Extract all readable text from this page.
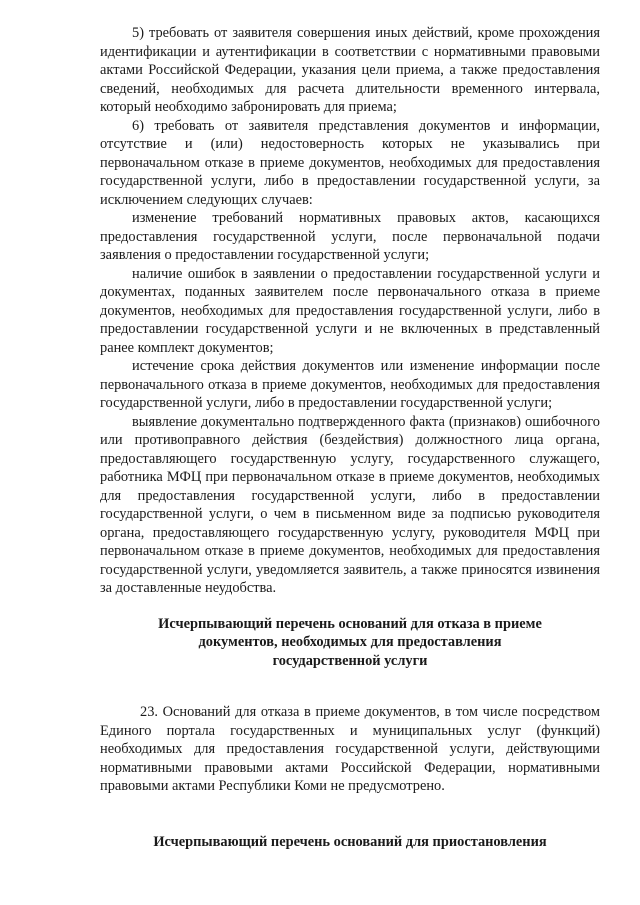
5) требовать от заявителя совершения иных действий, кроме прохождения идентификации и аутентификации в соответствии с нормативными правовыми актами Российской Федерации, указания цели приема, а также предоставления сведений, необходимых для расчета длительности временного интервала, который необходимо забронировать для приема;

6) требовать от заявителя представления документов и информации, отсутствие и (или) недостоверность которых не указывались при первоначальном отказе в приеме документов, необходимых для предоставления государственной услуги, либо в предоставлении государственной услуги, за исключением следующих случаев:

изменение требований нормативных правовых актов, касающихся предоставления государственной услуги, после первоначальной подачи заявления о предоставлении государственной услуги;

наличие ошибок в заявлении о предоставлении государственной услуги и документах, поданных заявителем после первоначального отказа в приеме документов, необходимых для предоставления государственной услуги, либо в предоставлении государственной услуги и не включенных в представленный ранее комплект документов;

истечение срока действия документов или изменение информации после первоначального отказа в приеме документов, необходимых для предоставления государственной услуги, либо в предоставлении государственной услуги;

выявление документально подтвержденного факта (признаков) ошибочного или противоправного действия (бездействия) должностного лица органа, предоставляющего государственную услугу, государственного служащего, работника МФЦ при первоначальном отказе в приеме документов, необходимых для предоставления государственной услуги, либо в предоставлении государственной услуги, о чем в письменном виде за подписью руководителя органа, предоставляющего государственную услугу, руководителя МФЦ при первоначальном отказе в приеме документов, необходимых для предоставления государственной услуги, уведомляется заявитель, а также приносятся извинения за доставленные неудобства.

Исчерпывающий перечень оснований для отказа в приеме
документов, необходимых для предоставления
государственной услуги

23. Оснований для отказа в приеме документов, в том числе посредством Единого портала государственных и муниципальных услуг (функций) необходимых для предоставления государственной услуги, действующими нормативными правовыми актами Российской Федерации, нормативными правовыми актами Республики Коми не предусмотрено.

Исчерпывающий перечень оснований для приостановления
